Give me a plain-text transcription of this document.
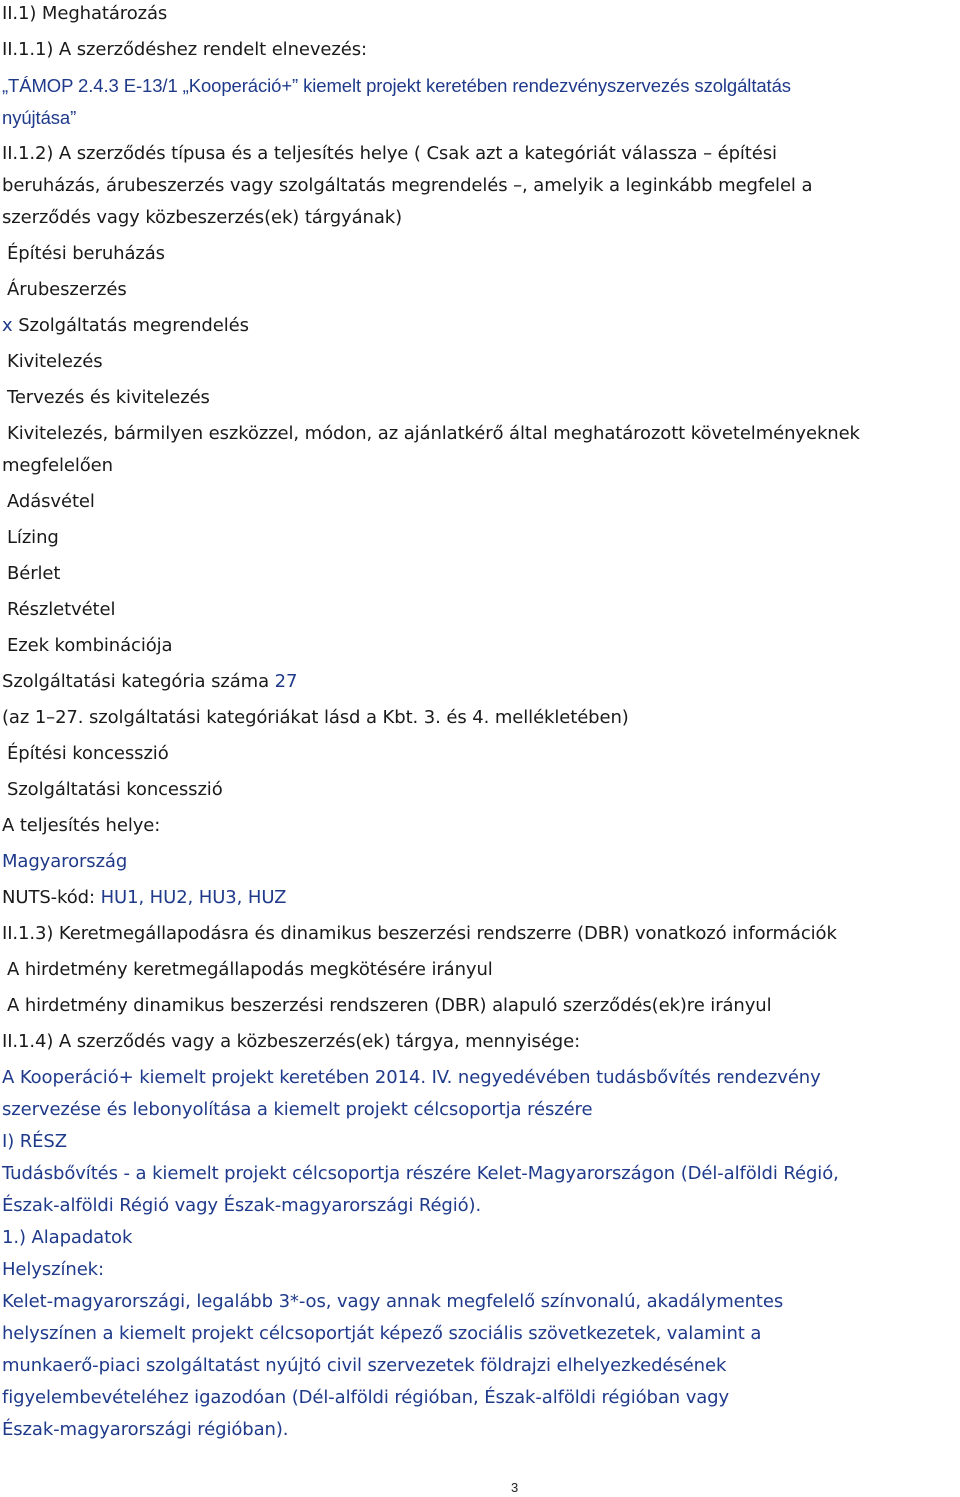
II.1) Meghatározás

II.1.1) A szerződéshez rendelt elnevezés:

„TÁMOP 2.4.3 E-13/1 „Kooperáció+” kiemelt projekt keretében rendezvényszervezés szolgáltatás

nyújtása”

II.1.2) A szerződés típusa és a teljesítés helye ( Csak azt a kategóriát válassza – építési

beruházás, árubeszerzés vagy szolgáltatás megrendelés –, amelyik a leginkább megfelel a

szerződés vagy közbeszerzés(ek) tárgyának)

Építési beruházás

Árubeszerzés

x Szolgáltatás megrendelés

Kivitelezés

Tervezés és kivitelezés

Kivitelezés, bármilyen eszközzel, módon, az ajánlatkérő által meghatározott követelményeknek

megfelelően

Adásvétel

Lízing

Bérlet

Részletvétel

Ezek kombinációja

Szolgáltatási kategória száma 27

(az 1–27. szolgáltatási kategóriákat lásd a Kbt. 3. és 4. mellékletében)

Építési koncesszió

Szolgáltatási koncesszió

A teljesítés helye:

Magyarország

NUTS-kód: HU1, HU2, HU3, HUZ

II.1.3) Keretmegállapodásra és dinamikus beszerzési rendszerre (DBR) vonatkozó információk

A hirdetmény keretmegállapodás megkötésére irányul

A hirdetmény dinamikus beszerzési rendszeren (DBR) alapuló szerződés(ek)re irányul

II.1.4) A szerződés vagy a közbeszerzés(ek) tárgya, mennyisége:

A Kooperáció+ kiemelt projekt keretében 2014. IV. negyedévében tudásbővítés rendezvény

szervezése és lebonyolítása a kiemelt projekt célcsoportja részére

I) RÉSZ

Tudásbővítés - a kiemelt projekt célcsoportja részére Kelet-Magyarországon (Dél-alföldi Régió,

Észak-alföldi Régió vagy Észak-magyarországi Régió).

1.) Alapadatok

Helyszínek:

Kelet-magyarországi, legalább 3*-os, vagy annak megfelelő színvonalú, akadálymentes

helyszínen a kiemelt projekt célcsoportját képező szociális szövetkezetek, valamint a

munkaerő-piaci szolgáltatást nyújtó civil szervezetek földrajzi elhelyezkedésének

figyelembevételéhez igazodóan (Dél-alföldi régióban, Észak-alföldi régióban vagy

Észak-magyarországi régióban).

3
